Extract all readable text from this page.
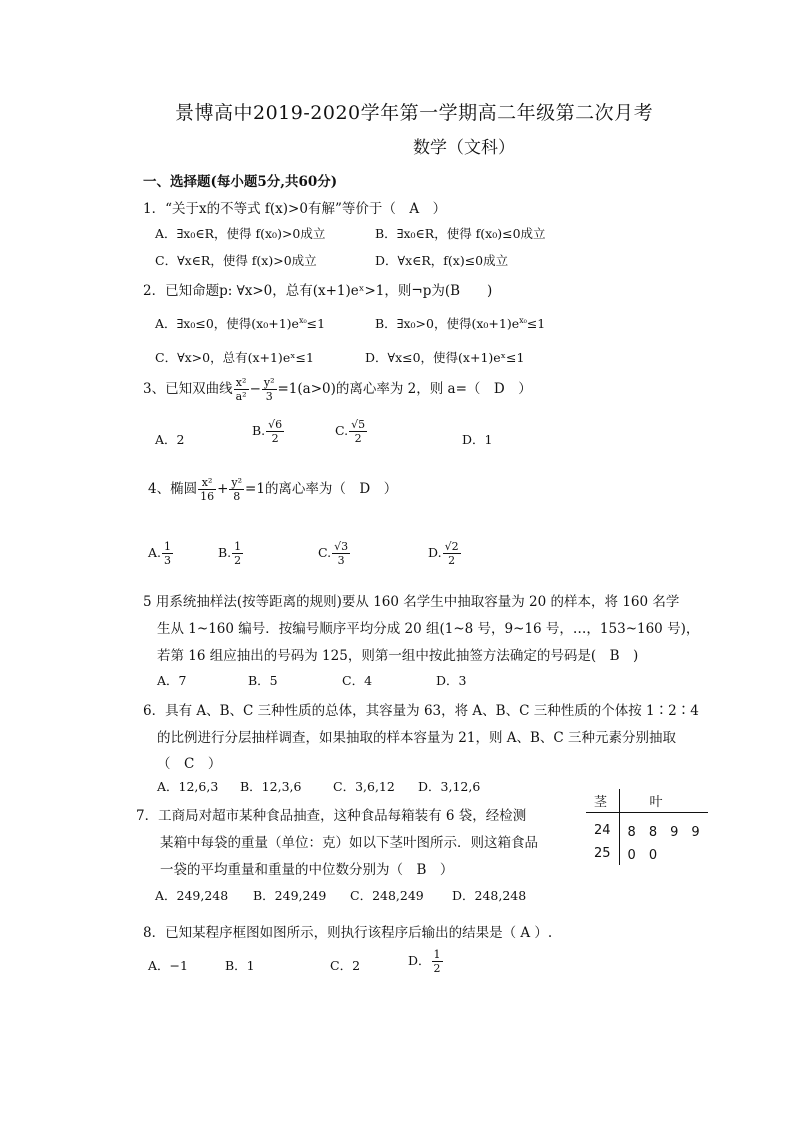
景博高中2019-2020学年第一学期高二年级第二次月考
数学（文科）
一、选择题(每小题5分,共60分)
1．“关于x的不等式 f(x)>0有解”等价于（　A　）
A．∃x₀∈R，使得 f(x₀)>0成立	B．∃x₀∈R，使得 f(x₀)≤0成立
C．∀x∈R，使得 f(x)>0成立	D．∀x∈R，f(x)≤0成立
2．已知命题p: ∀x>0，总有(x+1)eˣ>1，则¬p为(B　　)
A．∃x₀≤0，使得$(x_0+1)e^{x_0}\le 1$	B．∃x₀>0，使得$(x_0+1)e^{x_0}\le 1$
C．∀x>0，总有(x+1)eˣ≤1	D．∀x≤0，使得(x+1)eˣ≤1
3、已知双曲线 $\frac{\text{x²}}{\text{a²}} - \frac{\text{y²}}{3} =1(a>0)$的离心率为 2，则 a=（　D　）
A．2
B. $\frac{√6}{2}$	C. $\frac{√5}{2}$	D．1
4、椭圆 $\frac{\text{x²}}{16} + \frac{\text{y²}}{8} =1$的离心率为（　D　）
A. $\frac{1}{3}$	B. $\frac{1}{2}$	C. $\frac{√3}{3}$	D. $\frac{√2}{2}$
5 用系统抽样法(按等距离的规则)要从 160 名学生中抽取容量为 20 的样本，将 160 名学
生从 1~160 编号．按编号顺序平均分成 20 组(1~8 号，9~16 号，…，153~160 号)，
若第 16 组应抽出的号码为 125，则第一组中按此抽签方法确定的号码是(　B　)
A．7	B．5	C．4	D．3
6．具有 A、B、C 三种性质的总体，其容量为 63，将 A、B、C 三种性质的个体按 1∶2∶4
的比例进行分层抽样调查，如果抽取的样本容量为 21，则 A、B、C 三种元素分别抽取
（　C　）
A．12,6,3 B．12,3,6	C．3,6,12 D．3,12,6
7．工商局对超市某种食品抽查，这种食品每箱装有 6 袋，经检测
某箱中每袋的重量（单位：克）如以下茎叶图所示．则这箱食品
一袋的平均重量和重量的中位数分别为（　B　）
A．249,248 B．249,249 C．248,249 D．248,248
茎	叶
24	8　8　9　9
25	0　0
8．已知某程序框图如图所示，则执行该程序后输出的结果是（ A ）.
A．−1	B．1	C．2	D． $\frac{1}{2}$
